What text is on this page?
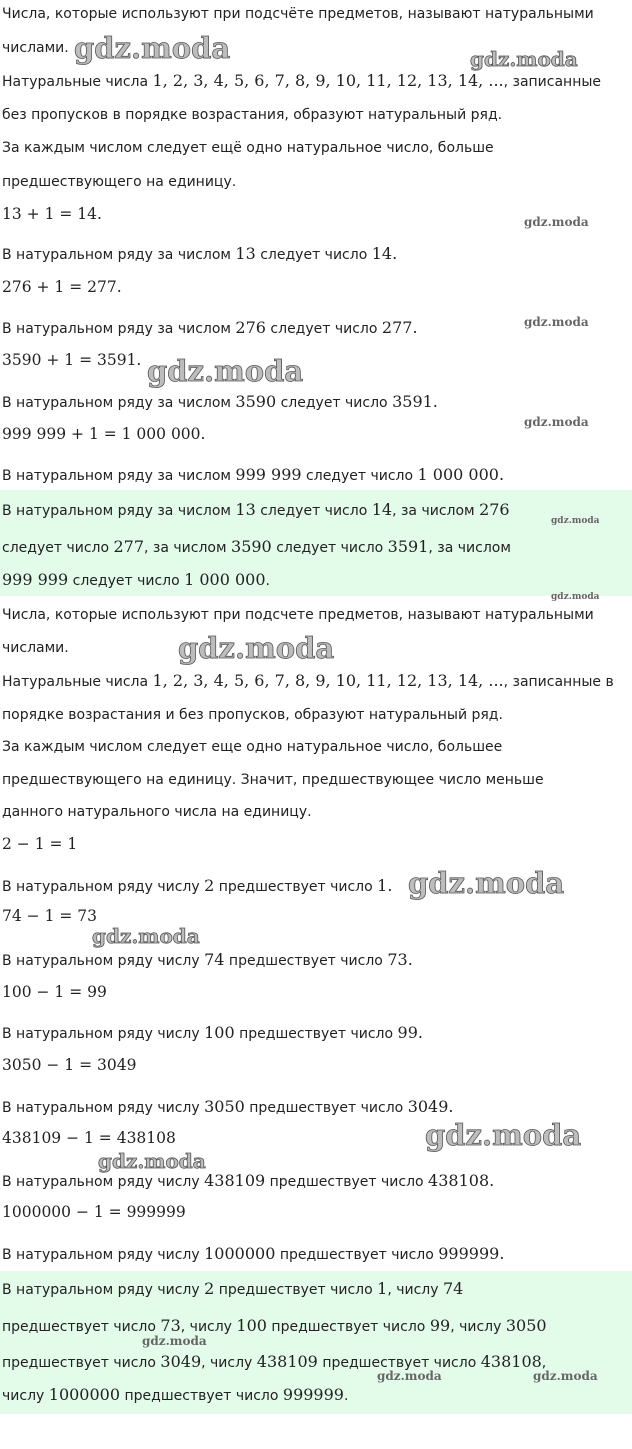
Числа, которые используют при подсчёте предметов, называют натуральными
числами.
Натуральные числа 1, 2, 3, 4, 5, 6, 7, 8, 9, 10, 11, 12, 13, 14, ..., записанные
без пропусков в порядке возрастания, образуют натуральный ряд.
За каждым числом следует ещё одно натуральное число, больше
предшествующего на единицу.
13 + 1 = 14.
В натуральном ряду за числом 13 следует число 14.
276 + 1 = 277.
В натуральном ряду за числом 276 следует число 277.
3590 + 1 = 3591.
В натуральном ряду за числом 3590 следует число 3591.
999 999 + 1 = 1 000 000.
В натуральном ряду за числом 999 999 следует число 1 000 000.
В натуральном ряду за числом 13 следует число 14, за числом 276
следует число 277, за числом 3590 следует число 3591, за числом
999 999 следует число 1 000 000.
Числа, которые используют при подсчете предметов, называют натуральными
числами.
Натуральные числа 1, 2, 3, 4, 5, 6, 7, 8, 9, 10, 11, 12, 13, 14, ..., записанные в
порядке возрастания и без пропусков, образуют натуральный ряд.
За каждым числом следует еще одно натуральное число, большее
предшествующего на единицу. Значит, предшествующее число меньше
данного натурального числа на единицу.
2 − 1 = 1
В натуральном ряду числу 2 предшествует число 1.
74 − 1 = 73
В натуральном ряду числу 74 предшествует число 73.
100 − 1 = 99
В натуральном ряду числу 100 предшествует число 99.
3050 − 1 = 3049
В натуральном ряду числу 3050 предшествует число 3049.
438109 − 1 = 438108
В натуральном ряду числу 438109 предшествует число 438108.
1000000 − 1 = 999999
В натуральном ряду числу 1000000 предшествует число 999999.
В натуральном ряду числу 2 предшествует число 1, числу 74
предшествует число 73, числу 100 предшествует число 99, числу 3050
предшествует число 3049, числу 438109 предшествует число 438108,
числу 1000000 предшествует число 999999.
gdz.moda	gdz.moda
gdz.moda
gdz.moda
gdz.moda
gdz.moda
gdz.moda
gdz.moda
gdz.moda
gdz.moda
gdz.moda
gdz.moda
gdz.moda
gdz.moda
gdz.moda	gdz.moda
